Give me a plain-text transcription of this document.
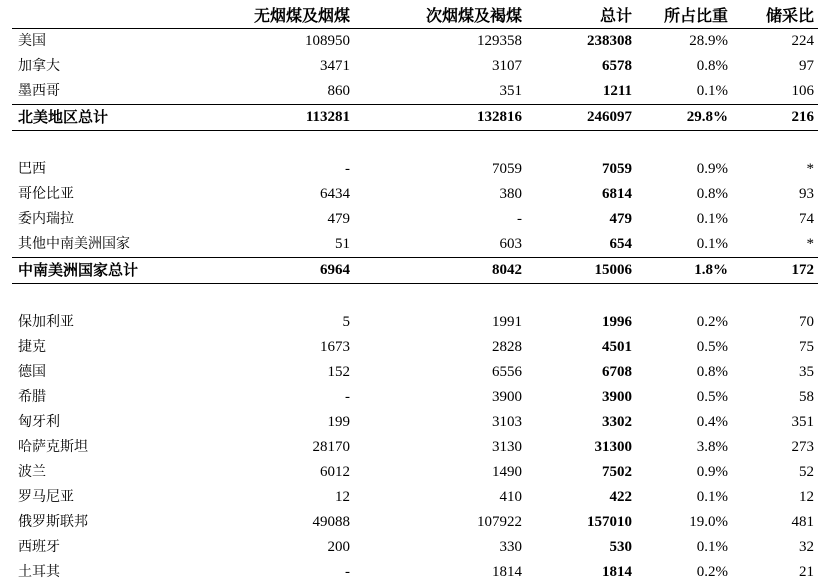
	无烟煤及烟煤	次烟煤及褐煤	总计	所占比重	储采比
美国	108950	129358	238308	28.9%	224
加拿大	3471	3107	6578	0.8%	97
墨西哥	860	351	1211	0.1%	106
北美地区总计	113281	132816	246097	29.8%	216

巴西	-	7059	7059	0.9%	*
哥伦比亚	6434	380	6814	0.8%	93
委内瑞拉	479	-	479	0.1%	74
其他中南美洲国家	51	603	654	0.1%	*
中南美洲国家总计	6964	8042	15006	1.8%	172

保加利亚	5	1991	1996	0.2%	70
捷克	1673	2828	4501	0.5%	75
德国	152	6556	6708	0.8%	35
希腊	-	3900	3900	0.5%	58
匈牙利	199	3103	3302	0.4%	351
哈萨克斯坦	28170	3130	31300	3.8%	273
波兰	6012	1490	7502	0.9%	52
罗马尼亚	12	410	422	0.1%	12
俄罗斯联邦	49088	107922	157010	19.0%	481
西班牙	200	330	530	0.1%	32
土耳其	-	1814	1814	0.2%	21
